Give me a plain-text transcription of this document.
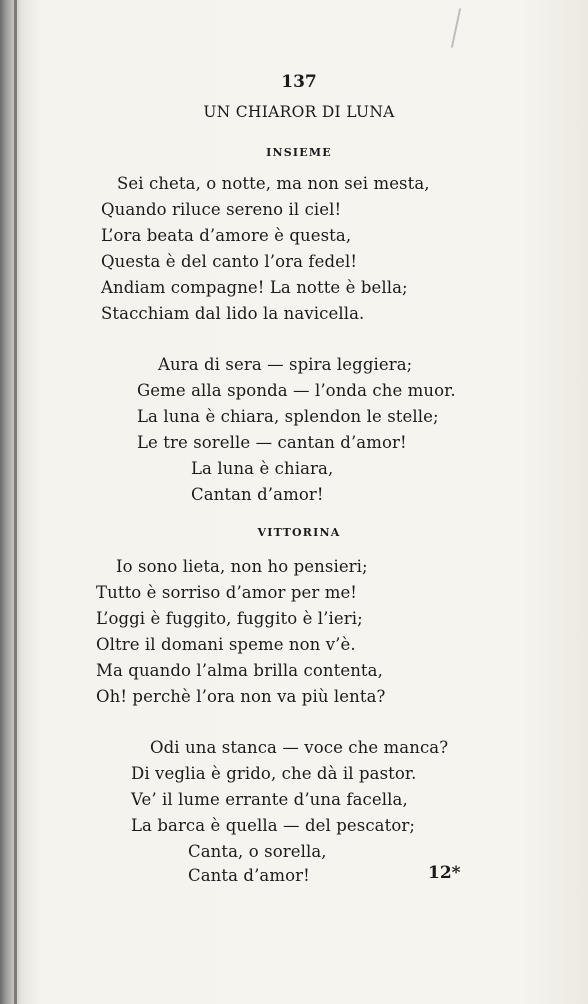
137
UN CHIAROR DI LUNA
INSIEME
Sei cheta, o notte, ma non sei mesta,
Quando riluce sereno il ciel!
L’ora beata d’amore è questa,
Questa è del canto l’ora fedel!
Andiam compagne! La notte è bella;
Stacchiam dal lido la navicella.
Aura di sera — spira leggiera;
Geme alla sponda — l’onda che muor.
La luna è chiara, splendon le stelle;
Le tre sorelle — cantan d’amor!
La luna è chiara,
Cantan d’amor!
VITTORINA
Io sono lieta, non ho pensieri;
Tutto è sorriso d’amor per me!
L’oggi è fuggito, fuggito è l’ieri;
Oltre il domani speme non v’è.
Ma quando l’alma brilla contenta,
Oh! perchè l’ora non va più lenta?
Odi una stanca — voce che manca?
Di veglia è grido, che dà il pastor.
Ve’ il lume errante d’una facella,
La barca è quella — del pescator;
Canta, o sorella,
Canta d’amor!	12*
